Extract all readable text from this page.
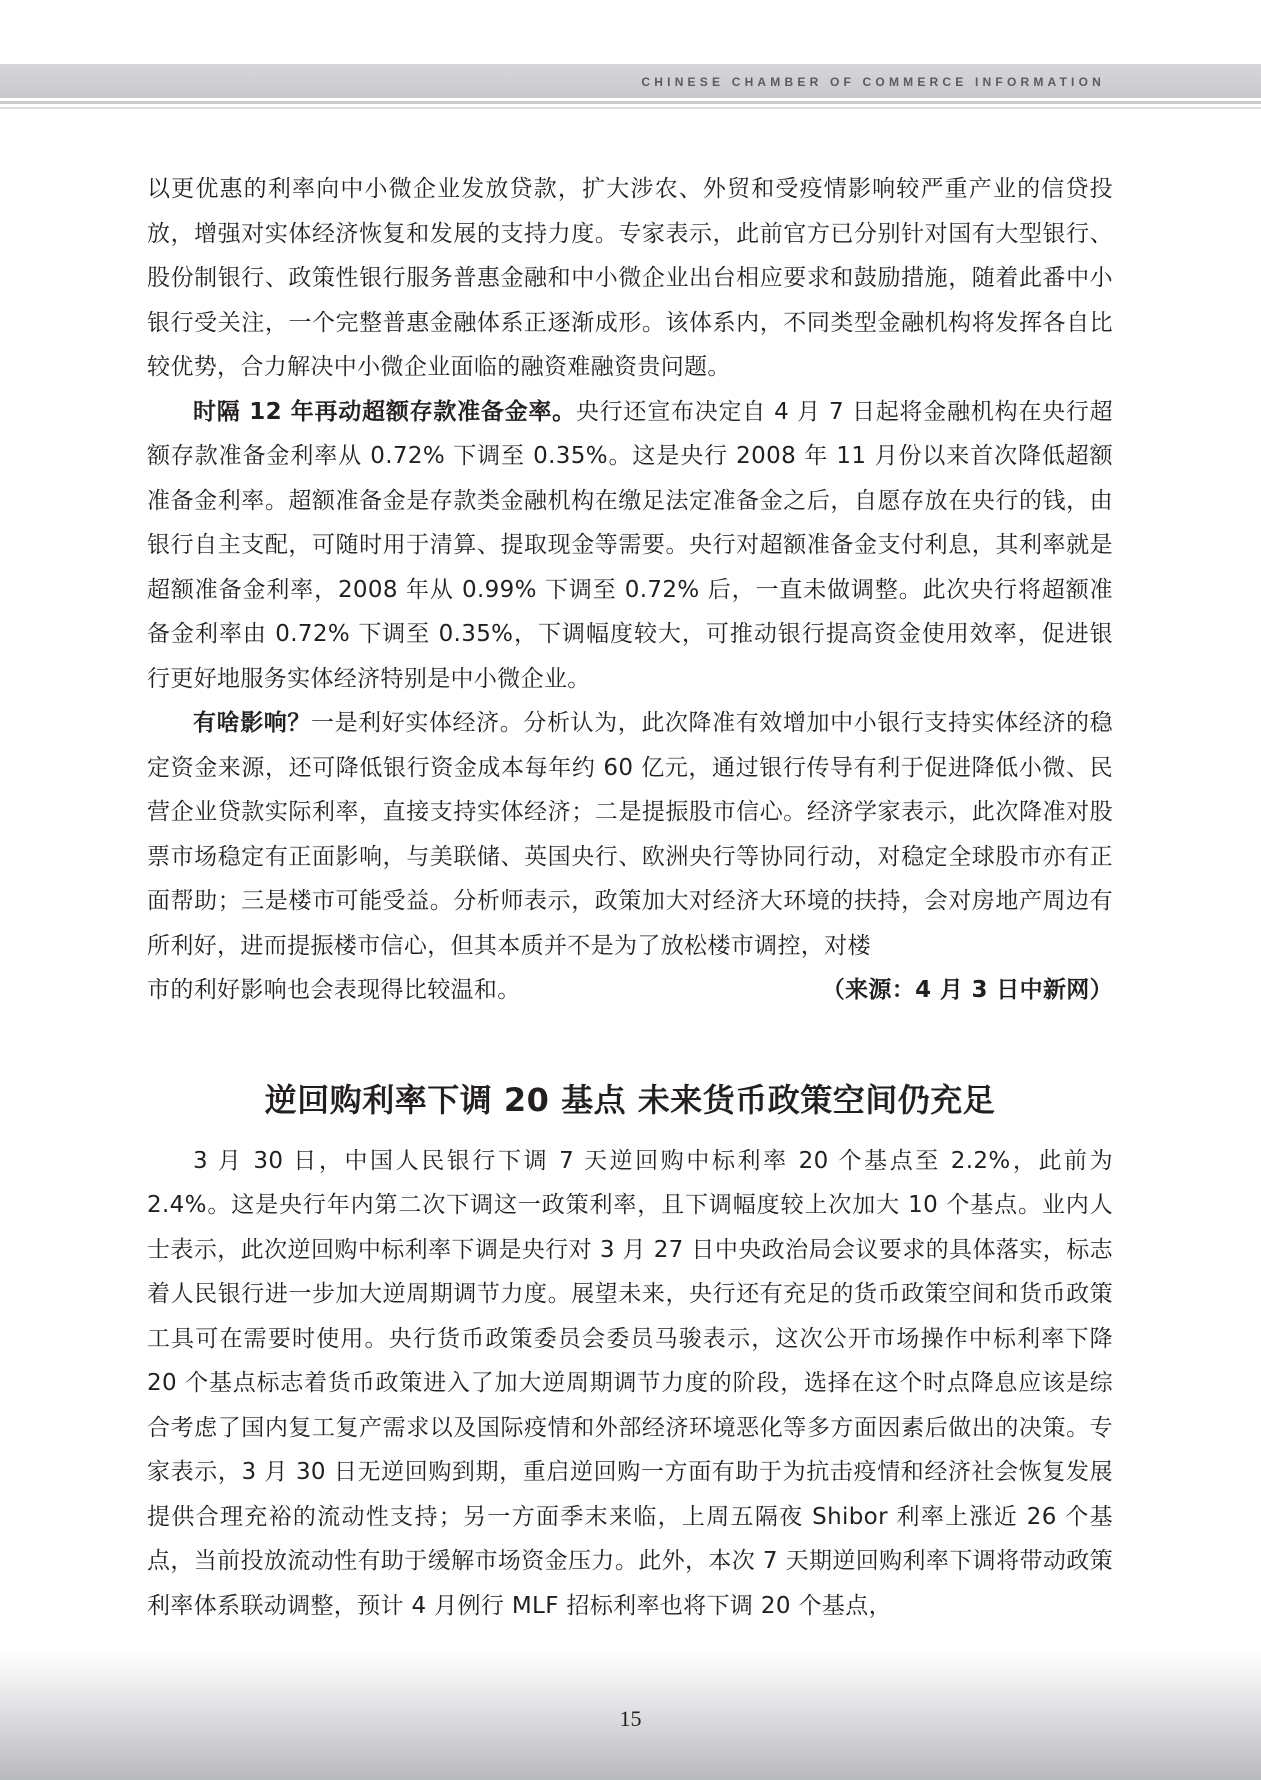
CHINESE CHAMBER OF COMMERCE INFORMATION

以更优惠的利率向中小微企业发放贷款，扩大涉农、外贸和受疫情影响较严重产业的信贷投放，增强对实体经济恢复和发展的支持力度。专家表示，此前官方已分别针对国有大型银行、股份制银行、政策性银行服务普惠金融和中小微企业出台相应要求和鼓励措施，随着此番中小银行受关注，一个完整普惠金融体系正逐渐成形。该体系内，不同类型金融机构将发挥各自比较优势，合力解决中小微企业面临的融资难融资贵问题。

时隔 12 年再动超额存款准备金率。央行还宣布决定自 4 月 7 日起将金融机构在央行超额存款准备金利率从 0.72% 下调至 0.35%。这是央行 2008 年 11 月份以来首次降低超额准备金利率。超额准备金是存款类金融机构在缴足法定准备金之后，自愿存放在央行的钱，由银行自主支配，可随时用于清算、提取现金等需要。央行对超额准备金支付利息，其利率就是超额准备金利率，2008 年从 0.99% 下调至 0.72% 后，一直未做调整。此次央行将超额准备金利率由 0.72% 下调至 0.35%，下调幅度较大，可推动银行提高资金使用效率，促进银行更好地服务实体经济特别是中小微企业。

有啥影响？一是利好实体经济。分析认为，此次降准有效增加中小银行支持实体经济的稳定资金来源，还可降低银行资金成本每年约 60 亿元，通过银行传导有利于促进降低小微、民营企业贷款实际利率，直接支持实体经济；二是提振股市信心。经济学家表示，此次降准对股票市场稳定有正面影响，与美联储、英国央行、欧洲央行等协同行动，对稳定全球股市亦有正面帮助；三是楼市可能受益。分析师表示，政策加大对经济大环境的扶持，会对房地产周边有所利好，进而提振楼市信心，但其本质并不是为了放松楼市调控，对楼

市的利好影响也会表现得比较温和。	（来源：4 月 3 日中新网）
逆回购利率下调 20 基点 未来货币政策空间仍充足

3 月 30 日，中国人民银行下调 7 天逆回购中标利率 20 个基点至 2.2%，此前为 2.4%。这是央行年内第二次下调这一政策利率，且下调幅度较上次加大 10 个基点。业内人士表示，此次逆回购中标利率下调是央行对 3 月 27 日中央政治局会议要求的具体落实，标志着人民银行进一步加大逆周期调节力度。展望未来，央行还有充足的货币政策空间和货币政策工具可在需要时使用。央行货币政策委员会委员马骏表示，这次公开市场操作中标利率下降 20 个基点标志着货币政策进入了加大逆周期调节力度的阶段，选择在这个时点降息应该是综合考虑了国内复工复产需求以及国际疫情和外部经济环境恶化等多方面因素后做出的决策。专家表示，3 月 30 日无逆回购到期，重启逆回购一方面有助于为抗击疫情和经济社会恢复发展提供合理充裕的流动性支持；另一方面季末来临，上周五隔夜 Shibor 利率上涨近 26 个基点，当前投放流动性有助于缓解市场资金压力。此外，本次 7 天期逆回购利率下调将带动政策利率体系联动调整，预计 4 月例行 MLF 招标利率也将下调 20 个基点，

15
